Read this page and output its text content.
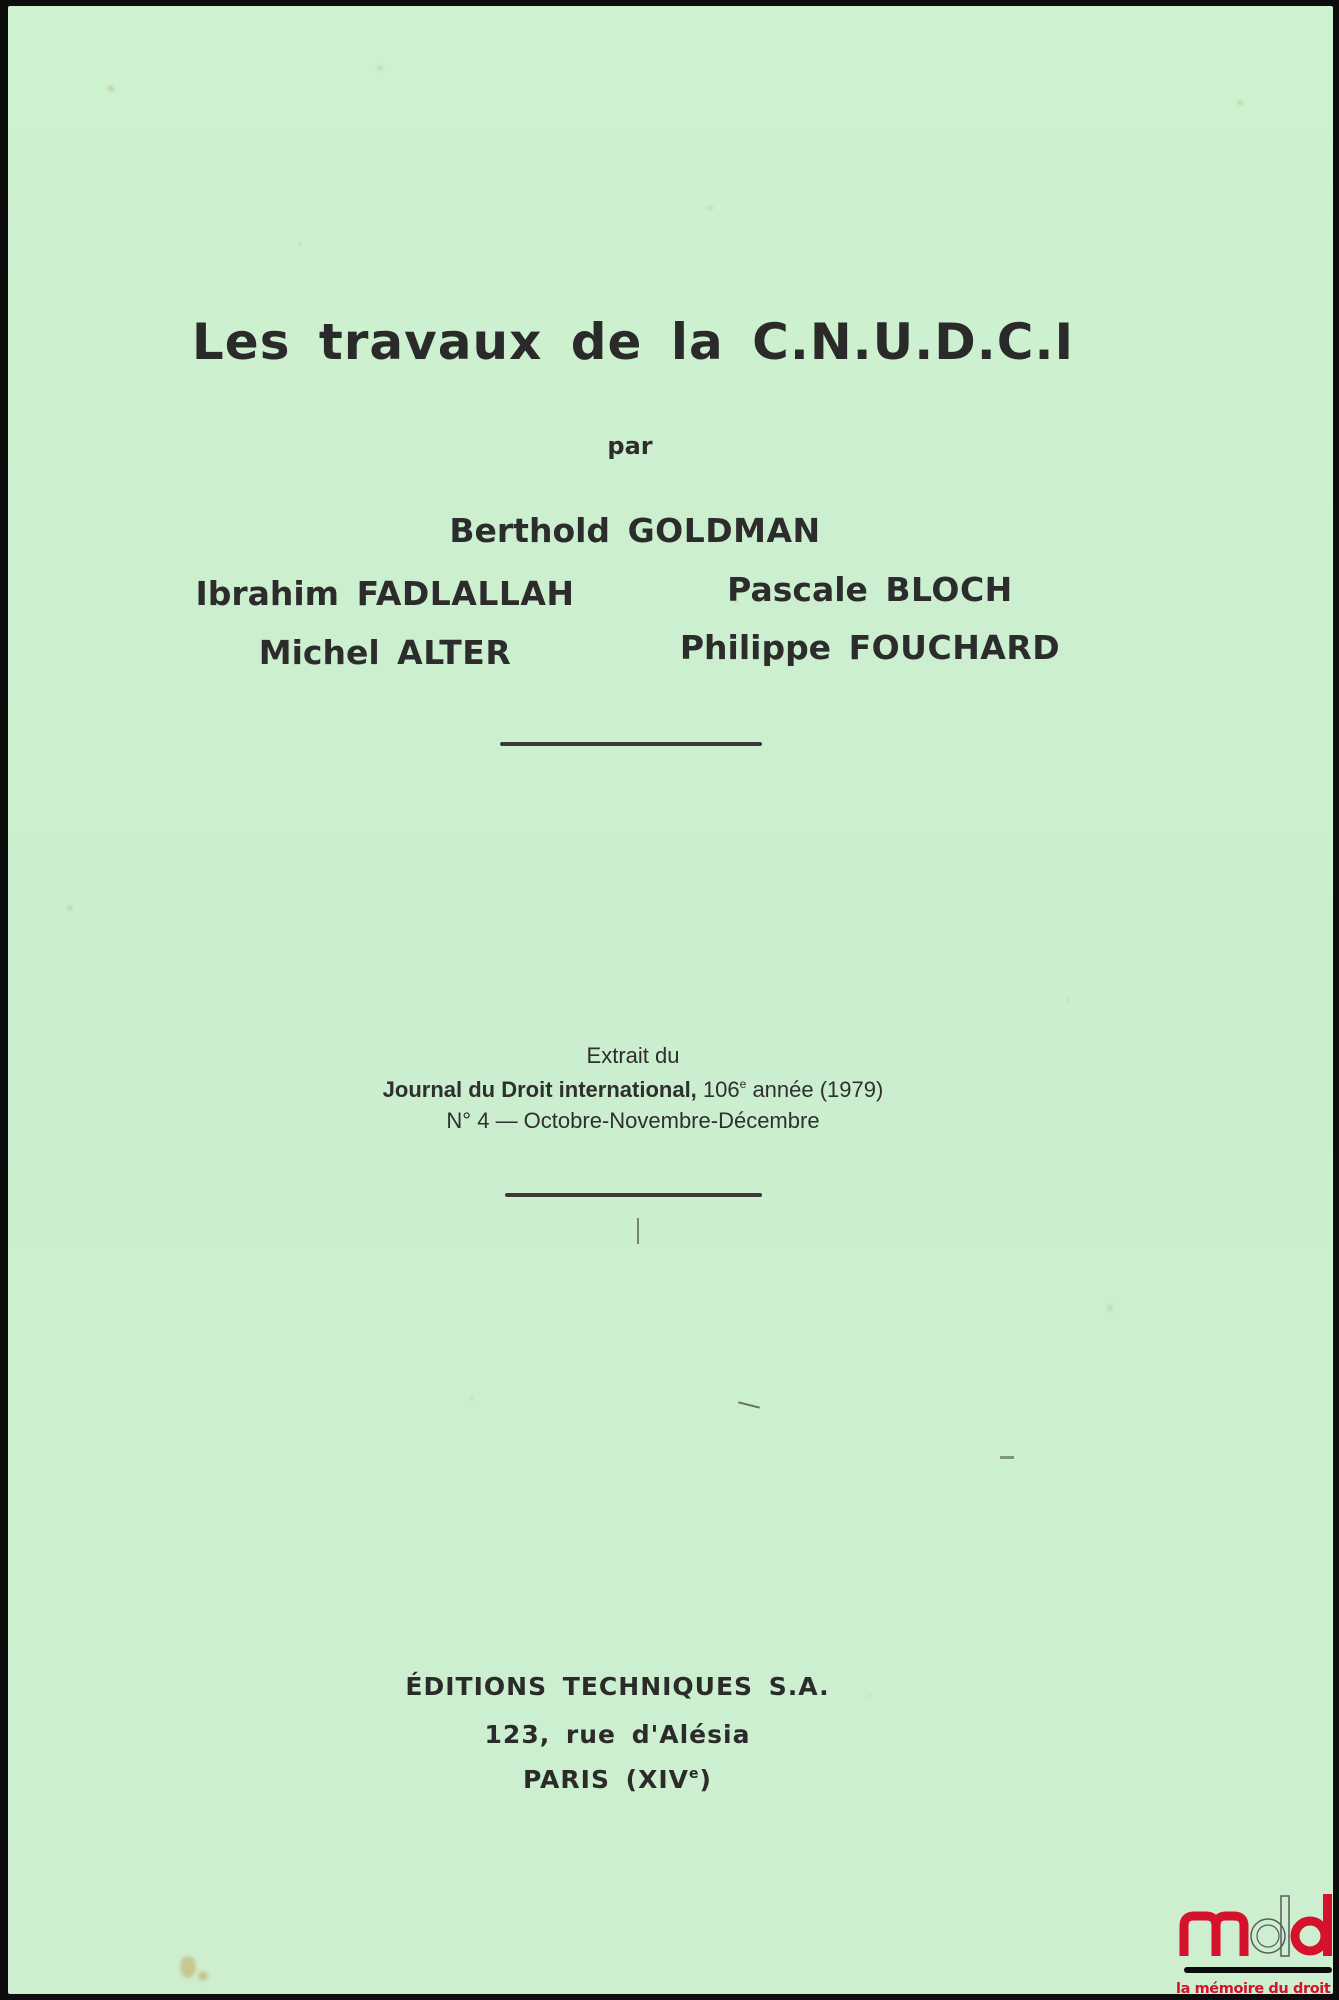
Les travaux de la C.N.U.D.C.I
par
Berthold GOLDMAN
Ibrahim FADLALLAH	Pascale BLOCH
Michel ALTER	Philippe FOUCHARD
Extrait du
Journal du Droit international, 106e année (1979)
N° 4 — Octobre-Novembre-Décembre
ÉDITIONS TECHNIQUES S.A.
123, rue d'Alésia
PARIS (XIVe)
la mémoire du droit
